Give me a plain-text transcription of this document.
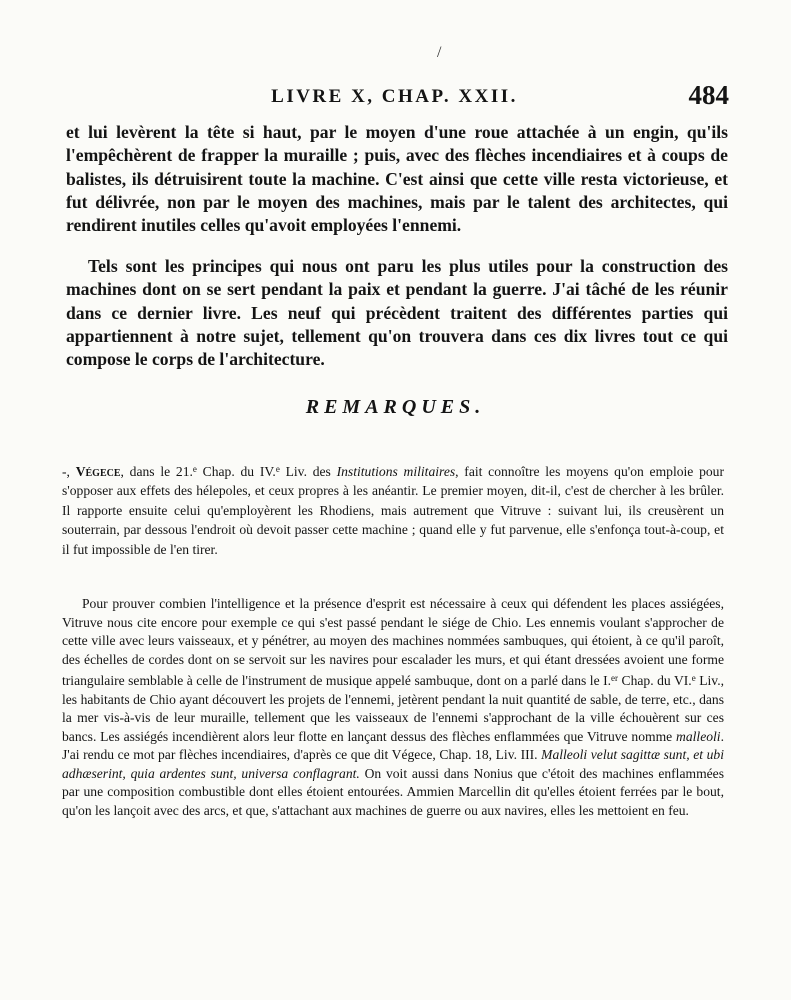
/
LIVRE X, CHAP. XXII.	484

et lui levèrent la tête si haut, par le moyen d'une roue attachée à un engin, qu'ils l'empêchèrent de frapper la muraille ; puis, avec des flèches incendiaires et à coups de balistes, ils détruisirent toute la machine. C'est ainsi que cette ville resta victorieuse, et fut délivrée, non par le moyen des machines, mais par le talent des architectes, qui rendirent inutiles celles qu'avoit employées l'ennemi.

Tels sont les principes qui nous ont paru les plus utiles pour la construction des machines dont on se sert pendant la paix et pendant la guerre. J'ai tâché de les réunir dans ce dernier livre. Les neuf qui précèdent traitent des différentes parties qui appartiennent à notre sujet, tellement qu'on trouvera dans ces dix livres tout ce qui compose le corps de l'architecture.

REMARQUES.

-, Végece, dans le 21.$^e$ Chap. du IV.$^e$ Liv. des Institutions militaires, fait connoître les moyens qu'on emploie pour s'opposer aux effets des hélepoles, et ceux propres à les anéantir. Le premier moyen, dit-il, c'est de chercher à les brûler. Il rapporte ensuite celui qu'employèrent les Rhodiens, mais autrement que Vitruve : suivant lui, ils creusèrent un souterrain, par dessous l'endroit où devoit passer cette machine ; quand elle y fut parvenue, elle s'enfonça tout-à-coup, et il fut impossible de l'en tirer.

Pour prouver combien l'intelligence et la présence d'esprit est nécessaire à ceux qui défendent les places assiégées, Vitruve nous cite encore pour exemple ce qui s'est passé pendant le siége de Chio. Les ennemis voulant s'approcher de cette ville avec leurs vaisseaux, et y pénétrer, au moyen des machines nommées sambuques, qui étoient, à ce qu'il paroît, des échelles de cordes dont on se servoit sur les navires pour escalader les murs, et qui étant dressées avoient une forme triangulaire semblable à celle de l'instrument de musique appelé sambuque, dont on a parlé dans le I.$^{er}$ Chap. du VI.$^e$ Liv., les habitants de Chio ayant découvert les projets de l'ennemi, jetèrent pendant la nuit quantité de sable, de terre, etc., dans la mer vis-à-vis de leur muraille, tellement que les vaisseaux de l'ennemi s'approchant de la ville échouèrent sur ces bancs. Les assiégés incendièrent alors leur flotte en lançant dessus des flèches enflammées que Vitruve nomme malleoli. J'ai rendu ce mot par flèches incendiaires, d'après ce que dit Végece, Chap. 18, Liv. III. Malleoli velut sagittæ sunt, et ubi adhæserint, quia ardentes sunt, universa conflagrant. On voit aussi dans Nonius que c'étoit des machines enflammées par une composition combustible dont elles étoient entourées. Ammien Marcellin dit qu'elles étoient ferrées par le bout, qu'on les lançoit avec des arcs, et que, s'attachant aux machines de guerre ou aux navires, elles les mettoient en feu.
